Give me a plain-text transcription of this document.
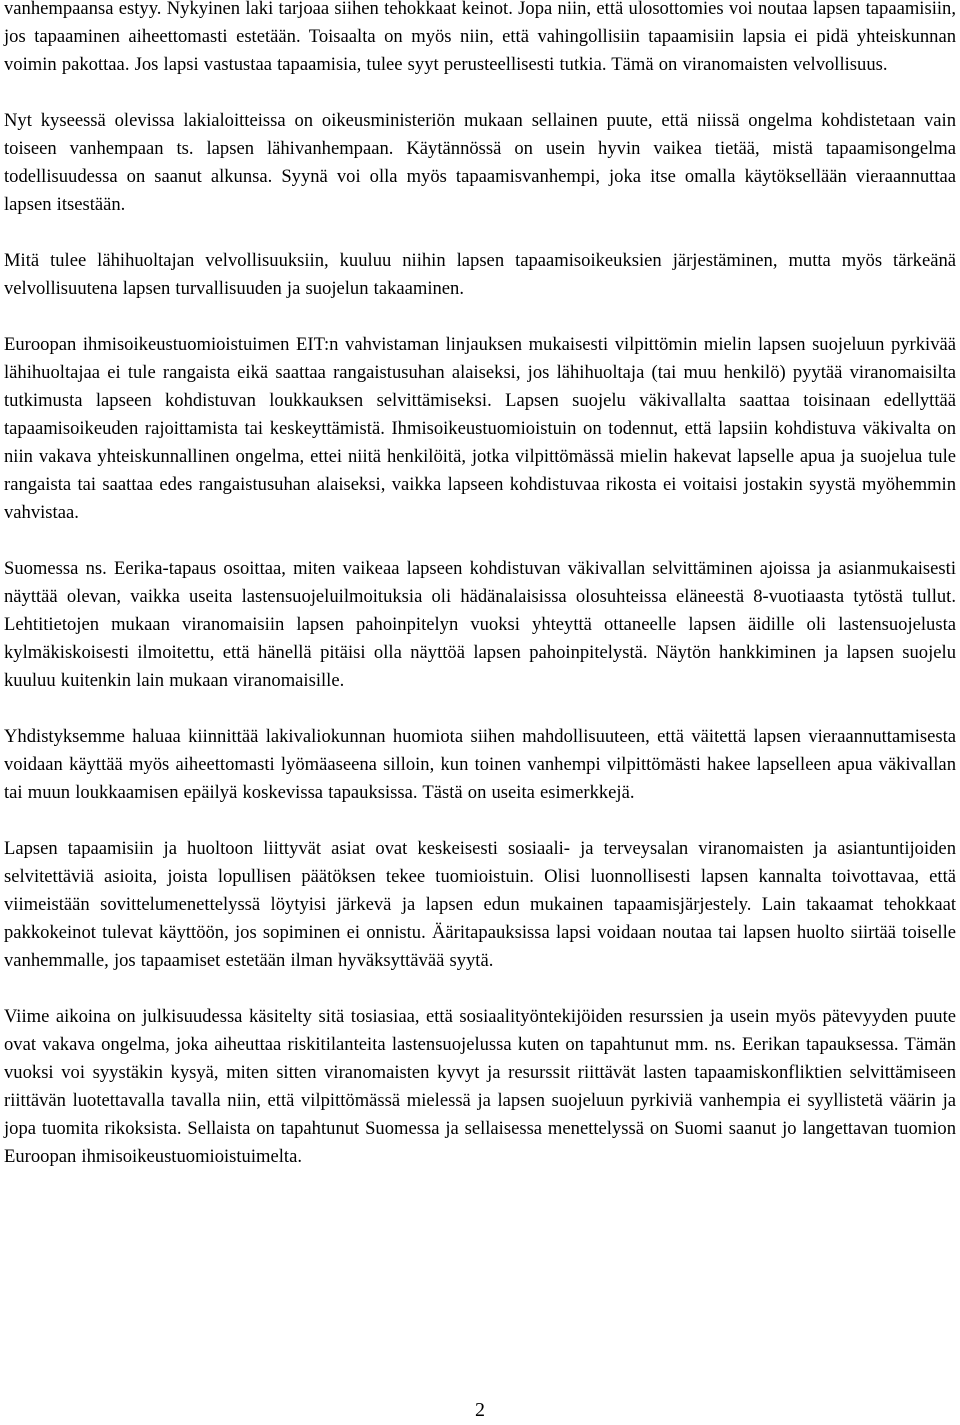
vanhempaansa estyy. Nykyinen laki tarjoaa siihen tehokkaat keinot. Jopa niin, että ulosottomies voi noutaa lapsen tapaamisiin, jos tapaaminen aiheettomasti estetään. Toisaalta on myös niin, että vahingollisiin tapaamisiin lapsia ei pidä yhteiskunnan voimin pakottaa. Jos lapsi vastustaa tapaamisia, tulee syyt perusteellisesti tutkia. Tämä on viranomaisten velvollisuus.

Nyt kyseessä olevissa lakialoitteissa on oikeusministeriön mukaan sellainen puute, että niissä ongelma kohdistetaan vain toiseen vanhempaan ts. lapsen lähivanhempaan. Käytännössä on usein hyvin vaikea tietää, mistä tapaamisongelma todellisuudessa on saanut alkunsa. Syynä voi olla myös tapaamisvanhempi, joka itse omalla käytöksellään vieraannuttaa lapsen itsestään.

Mitä tulee lähihuoltajan velvollisuuksiin, kuuluu niihin lapsen tapaamisoikeuksien järjestäminen, mutta myös tärkeänä velvollisuutena lapsen turvallisuuden ja suojelun takaaminen.

Euroopan ihmisoikeustuomioistuimen EIT:n vahvistaman linjauksen mukaisesti vilpittömin mielin lapsen suojeluun pyrkivää lähihuoltajaa ei tule rangaista eikä saattaa rangaistusuhan alaiseksi, jos lähihuoltaja (tai muu henkilö) pyytää viranomaisilta tutkimusta lapseen kohdistuvan loukkauksen selvittämiseksi. Lapsen suojelu väkivallalta saattaa toisinaan edellyttää tapaamisoikeuden rajoittamista tai keskeyttämistä. Ihmisoikeustuomioistuin on todennut, että lapsiin kohdistuva väkivalta on niin vakava yhteiskunnallinen ongelma, ettei niitä henkilöitä, jotka vilpittömässä mielin hakevat lapselle apua ja suojelua tule rangaista tai saattaa edes rangaistusuhan alaiseksi, vaikka lapseen kohdistuvaa rikosta ei voitaisi jostakin syystä myöhemmin vahvistaa.

Suomessa ns. Eerika-tapaus osoittaa, miten vaikeaa lapseen kohdistuvan väkivallan selvittäminen ajoissa ja asianmukaisesti näyttää olevan, vaikka useita lastensuojeluilmoituksia oli hädänalaisissa olosuhteissa eläneestä 8-vuotiaasta tytöstä tullut. Lehtitietojen mukaan viranomaisiin lapsen pahoinpitelyn vuoksi yhteyttä ottaneelle lapsen äidille oli lastensuojelusta kylmäkiskoisesti ilmoitettu, että hänellä pitäisi olla näyttöä lapsen pahoinpitelystä. Näytön hankkiminen ja lapsen suojelu kuuluu kuitenkin lain mukaan viranomaisille.

Yhdistyksemme haluaa kiinnittää lakivaliokunnan huomiota siihen mahdollisuuteen, että väitettä lapsen vieraannuttamisesta voidaan käyttää myös aiheettomasti lyömäaseena silloin, kun toinen vanhempi vilpittömästi hakee lapselleen apua väkivallan tai muun loukkaamisen epäilyä koskevissa tapauksissa. Tästä on useita esimerkkejä.

Lapsen tapaamisiin ja huoltoon liittyvät asiat ovat keskeisesti sosiaali- ja terveysalan viranomaisten ja asiantuntijoiden selvitettäviä asioita, joista lopullisen päätöksen tekee tuomioistuin. Olisi luonnollisesti lapsen kannalta toivottavaa, että viimeistään sovittelumenettelyssä löytyisi järkevä ja lapsen edun mukainen tapaamisjärjestely. Lain takaamat tehokkaat pakkokeinot tulevat käyttöön, jos sopiminen ei onnistu. Ääritapauksissa lapsi voidaan noutaa tai lapsen huolto siirtää toiselle vanhemmalle, jos tapaamiset estetään ilman hyväksyttävää syytä.

Viime aikoina on julkisuudessa käsitelty sitä tosiasiaa, että sosiaalityöntekijöiden resurssien ja usein myös pätevyyden puute ovat vakava ongelma, joka aiheuttaa riskitilanteita lastensuojelussa kuten on tapahtunut mm. ns. Eerikan tapauksessa. Tämän vuoksi voi syystäkin kysyä, miten sitten viranomaisten kyvyt ja resurssit riittävät lasten tapaamiskonfliktien selvittämiseen riittävän luotettavalla tavalla niin, että vilpittömässä mielessä ja lapsen suojeluun pyrkiviä vanhempia ei syyllistetä väärin ja jopa tuomita rikoksista. Sellaista on tapahtunut Suomessa ja sellaisessa menettelyssä on Suomi saanut jo langettavan tuomion Euroopan ihmisoikeustuomioistuimelta.

2
